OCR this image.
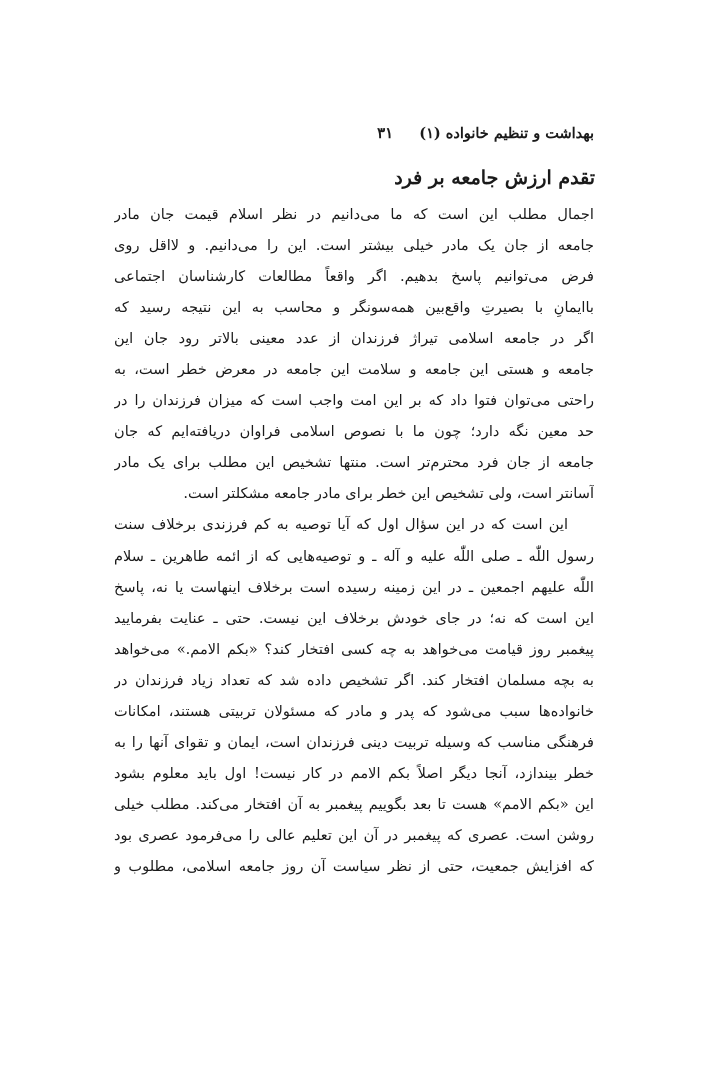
بهداشت و تنظیم خانواده (۱)
۳۱
تقدم ارزش جامعه بر فرد
اجمال مطلب این است که ما می‌دانیم در نظر اسلام قیمت جان مادر
جامعه از جان یک مادر خیلی بیشتر است. این را می‌دانیم. و لااقل روی
فرض می‌توانیم پاسخ بدهیم. اگر واقعاً مطالعات کارشناسان اجتماعی
باایمانِ با بصیرتِ واقع‌بین همه‌سونگر و محاسب به این نتیجه رسید که
اگر در جامعه اسلامی تیراژ فرزندان از عدد معینی بالاتر رود جان این
جامعه و هستی این جامعه و سلامت این جامعه در معرض خطر است، به
راحتی می‌توان فتوا داد که بر این امت واجب است که میزان فرزندان را در
حد معین نگه دارد؛ چون ما با نصوص اسلامی فراوان دریافته‌ایم که جان
جامعه از جان فرد محترم‌تر است. منتها تشخیص این مطلب برای یک مادر
آسانتر است، ولی تشخیص این خطر برای مادر جامعه مشکلتر است.
این است که در این سؤال اول که آیا توصیه به کم فرزندی برخلاف سنت
رسول اللّٰه ـ صلی اللّٰه علیه و آله ـ و توصیه‌هایی که از ائمه طاهرین ـ سلام
اللّٰه علیهم اجمعین ـ در این زمینه رسیده است برخلاف اینهاست یا نه، پاسخ
این است که نه؛ در جای خودش برخلاف این نیست. حتی ـ عنایت بفرمایید
پیغمبر روز قیامت می‌خواهد به چه کسی افتخار کند؟ «بکم الامم.» می‌خواهد
به بچه مسلمان افتخار کند. اگر تشخیص داده شد که تعداد زیاد فرزندان در
خانواده‌ها سبب می‌شود که پدر و مادر که مسئولان تربیتی هستند، امکانات
فرهنگی مناسب که وسیله تربیت دینی فرزندان است، ایمان و تقوای آنها را به
خطر بیندازد، آنجا دیگر اصلاً بکم الامم در کار نیست! اول باید معلوم بشود
این «بکم الامم» هست تا بعد بگوییم پیغمبر به آن افتخار می‌کند. مطلب خیلی
روشن است. عصری که پیغمبر در آن این تعلیم عالی را می‌فرمود عصری بود
که افزایش جمعیت، حتی از نظر سیاست آن روز جامعه اسلامی، مطلوب و
